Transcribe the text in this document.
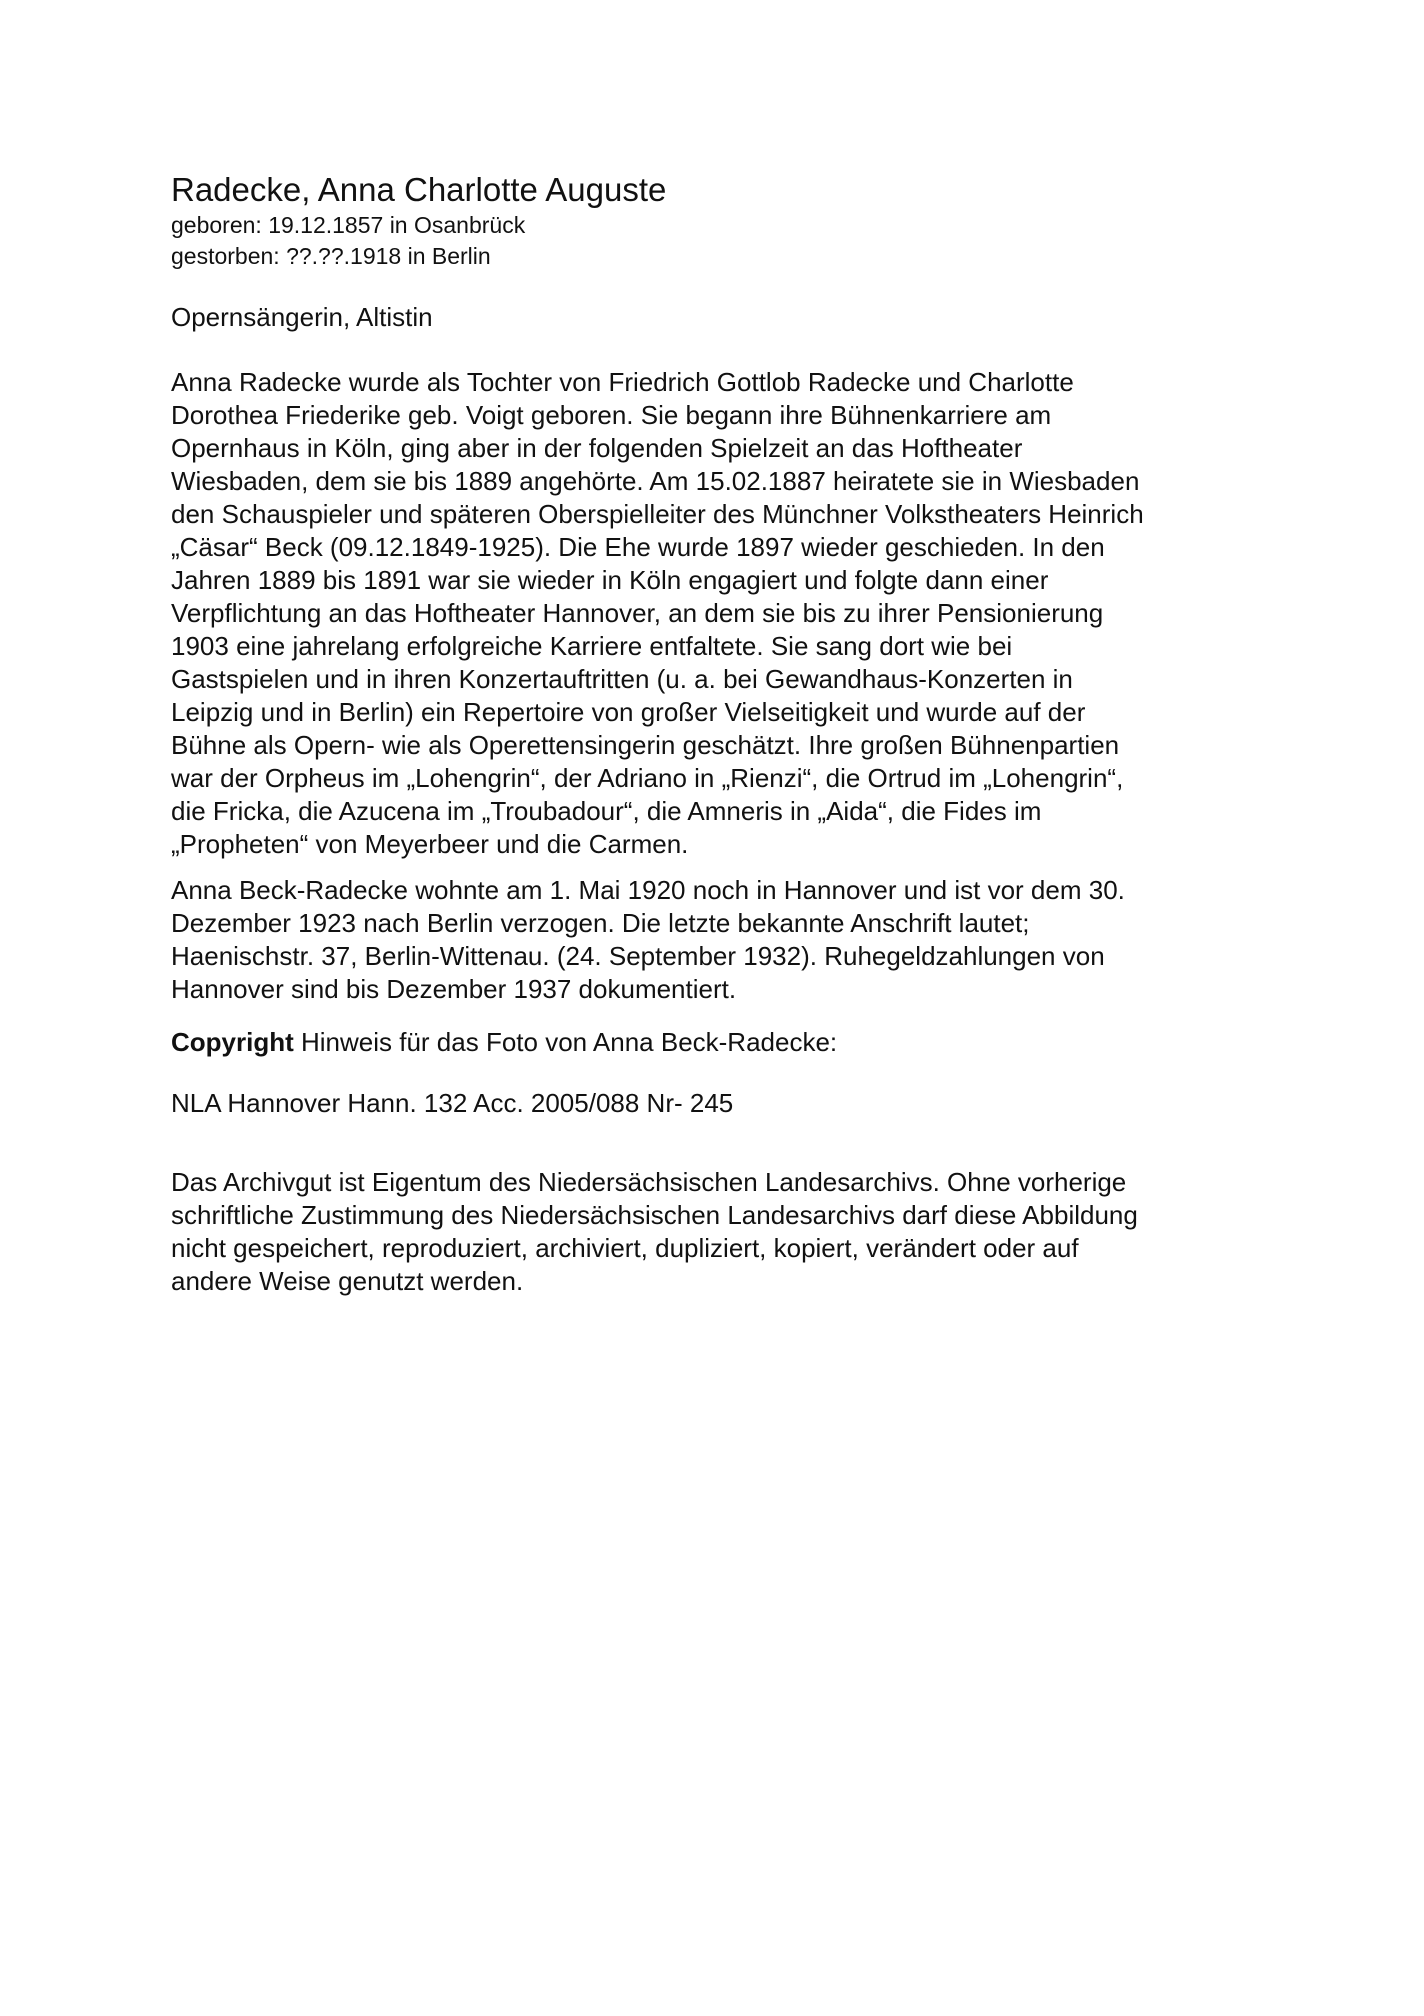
Radecke, Anna Charlotte Auguste

geboren: 19.12.1857 in Osanbrück

gestorben: ??.??.1918 in Berlin

Opernsängerin, Altistin

Anna Radecke wurde als Tochter von Friedrich Gottlob Radecke und Charlotte
Dorothea Friederike geb. Voigt geboren. Sie begann ihre Bühnenkarriere am
Opernhaus in Köln, ging aber in der folgenden Spielzeit an das Hoftheater
Wiesbaden, dem sie bis 1889 angehörte. Am 15.02.1887 heiratete sie in Wiesbaden
den Schauspieler und späteren Oberspielleiter des Münchner Volkstheaters Heinrich
„Cäsar“ Beck (09.12.1849-1925). Die Ehe wurde 1897 wieder geschieden. In den
Jahren 1889 bis 1891 war sie wieder in Köln engagiert und folgte dann einer
Verpflichtung an das Hoftheater Hannover, an dem sie bis zu ihrer Pensionierung
1903 eine jahrelang erfolgreiche Karriere entfaltete. Sie sang dort wie bei
Gastspielen und in ihren Konzertauftritten (u. a. bei Gewandhaus-Konzerten in
Leipzig und in Berlin) ein Repertoire von großer Vielseitigkeit und wurde auf der
Bühne als Opern- wie als Operettensingerin geschätzt. Ihre großen Bühnenpartien
war der Orpheus im „Lohengrin“, der Adriano in „Rienzi“, die Ortrud im „Lohengrin“,
die Fricka, die Azucena im „Troubadour“, die Amneris in „Aida“, die Fides im
„Propheten“ von Meyerbeer und die Carmen.

Anna Beck-Radecke wohnte am 1. Mai 1920 noch in Hannover und ist vor dem 30.
Dezember 1923 nach Berlin verzogen. Die letzte bekannte Anschrift lautet;
Haenischstr. 37, Berlin-Wittenau. (24. September 1932). Ruhegeldzahlungen von
Hannover sind bis Dezember 1937 dokumentiert.

Copyright Hinweis für das Foto von Anna Beck-Radecke:

NLA Hannover Hann. 132 Acc. 2005/088 Nr- 245

Das Archivgut ist Eigentum des Niedersächsischen Landesarchivs. Ohne vorherige
schriftliche Zustimmung des Niedersächsischen Landesarchivs darf diese Abbildung
nicht gespeichert, reproduziert, archiviert, dupliziert, kopiert, verändert oder auf
andere Weise genutzt werden.
